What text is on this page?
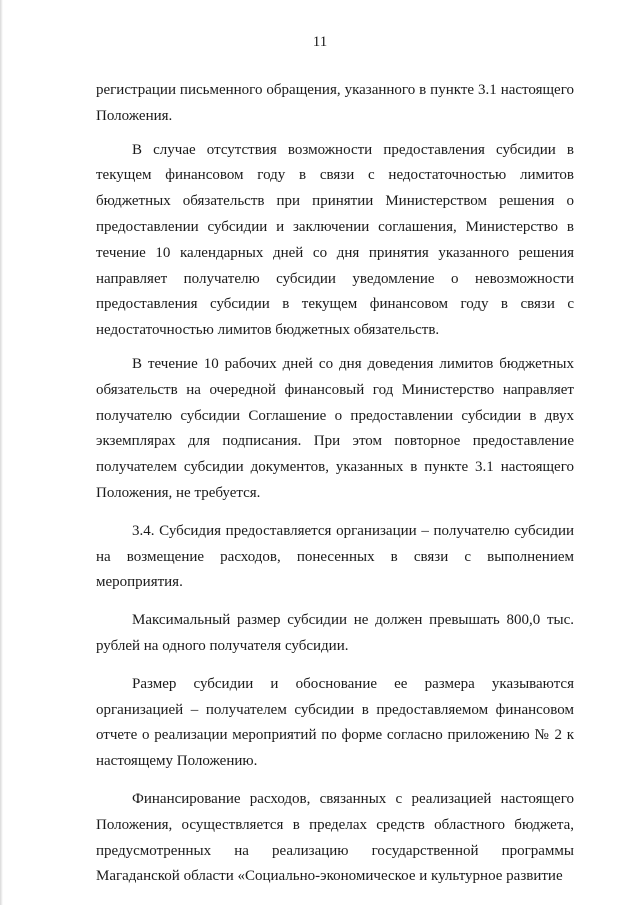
11

регистрации письменного обращения, указанного в пункте 3.1 настоящего Положения.

В случае отсутствия возможности предоставления субсидии в текущем финансовом году в связи с недостаточностью лимитов бюджетных обязательств при принятии Министерством решения о предоставлении субсидии и заключении соглашения, Министерство в течение 10 календарных дней со дня принятия указанного решения направляет получателю субсидии уведомление о невозможности предоставления субсидии в текущем финансовом году в связи с недостаточностью лимитов бюджетных обязательств.

В течение 10 рабочих дней со дня доведения лимитов бюджетных обязательств на очередной финансовый год Министерство направляет получателю субсидии Соглашение о предоставлении субсидии в двух экземплярах для подписания. При этом повторное предоставление получателем субсидии документов, указанных в пункте 3.1 настоящего Положения, не требуется.

3.4. Субсидия предоставляется организации – получателю субсидии на возмещение расходов, понесенных в связи с выполнением мероприятия.

Максимальный размер субсидии не должен превышать 800,0 тыс. рублей на одного получателя субсидии.

Размер субсидии и обоснование ее размера указываются организацией – получателем субсидии в предоставляемом финансовом отчете о реализации мероприятий по форме согласно приложению № 2 к настоящему Положению.

Финансирование расходов, связанных с реализацией настоящего Положения, осуществляется в пределах средств областного бюджета, предусмотренных на реализацию государственной программы Магаданской области «Социально-экономическое и культурное развитие
